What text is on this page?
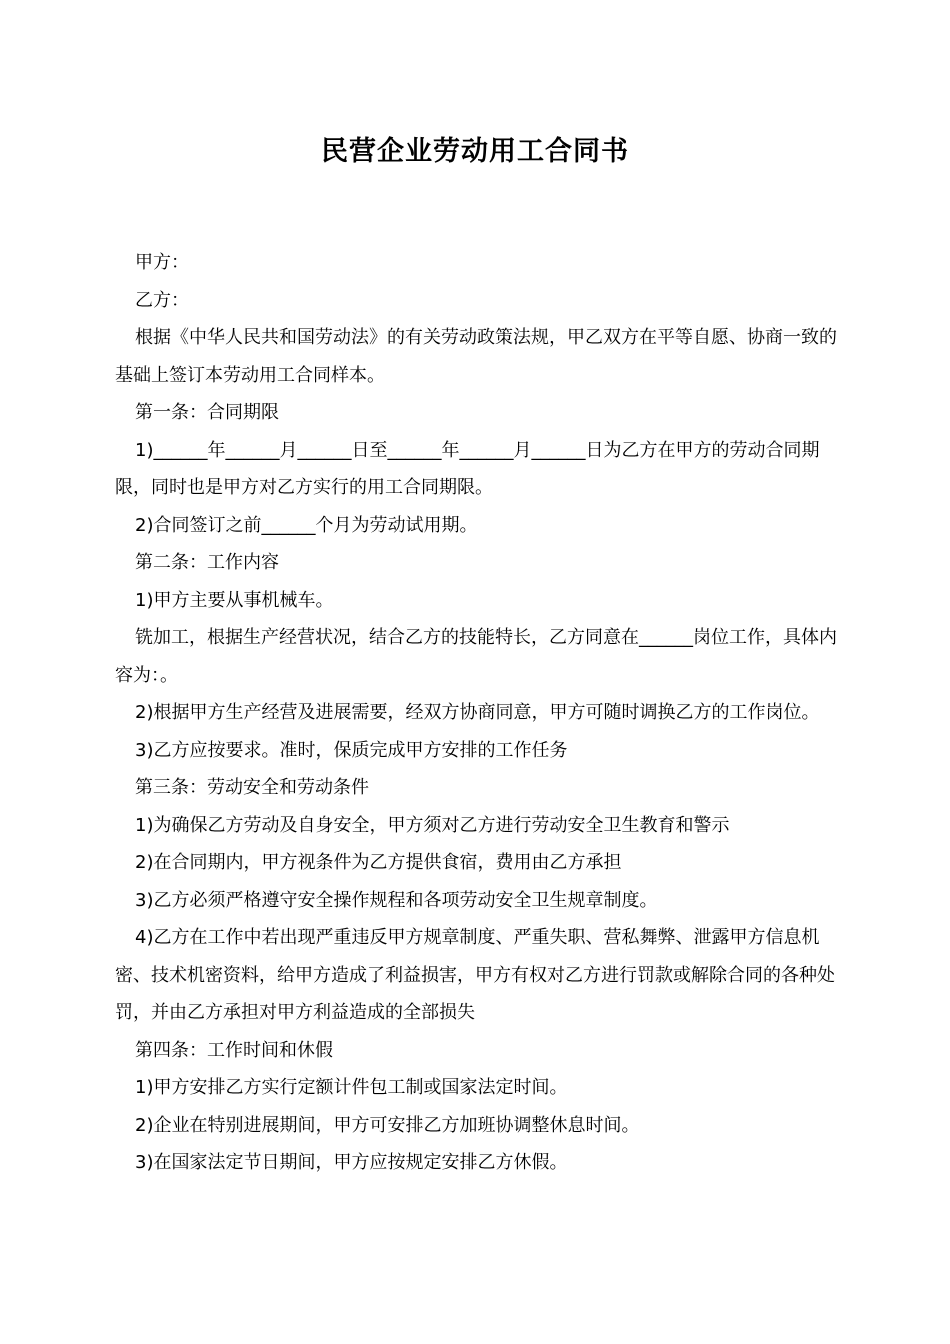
民营企业劳动用工合同书

甲方：

乙方：

根据《中华人民共和国劳动法》的有关劳动政策法规，甲乙双方在平等自愿、协商一致的基础上签订本劳动用工合同样本。

第一条：合同期限

1)______年______月______日至______年______月______日为乙方在甲方的劳动合同期限，同时也是甲方对乙方实行的用工合同期限。

2)合同签订之前______个月为劳动试用期。

第二条：工作内容

1)甲方主要从事机械车。

铣加工，根据生产经营状况，结合乙方的技能特长，乙方同意在______岗位工作，具体内容为：。

2)根据甲方生产经营及进展需要，经双方协商同意，甲方可随时调换乙方的工作岗位。

3)乙方应按要求。准时，保质完成甲方安排的工作任务

第三条：劳动安全和劳动条件

1)为确保乙方劳动及自身安全，甲方须对乙方进行劳动安全卫生教育和警示

2)在合同期内，甲方视条件为乙方提供食宿，费用由乙方承担

3)乙方必须严格遵守安全操作规程和各项劳动安全卫生规章制度。

4)乙方在工作中若出现严重违反甲方规章制度、严重失职、营私舞弊、泄露甲方信息机密、技术机密资料，给甲方造成了利益损害，甲方有权对乙方进行罚款或解除合同的各种处罚，并由乙方承担对甲方利益造成的全部损失

第四条：工作时间和休假

1)甲方安排乙方实行定额计件包工制或国家法定时间。

2)企业在特别进展期间，甲方可安排乙方加班协调整休息时间。

3)在国家法定节日期间，甲方应按规定安排乙方休假。
